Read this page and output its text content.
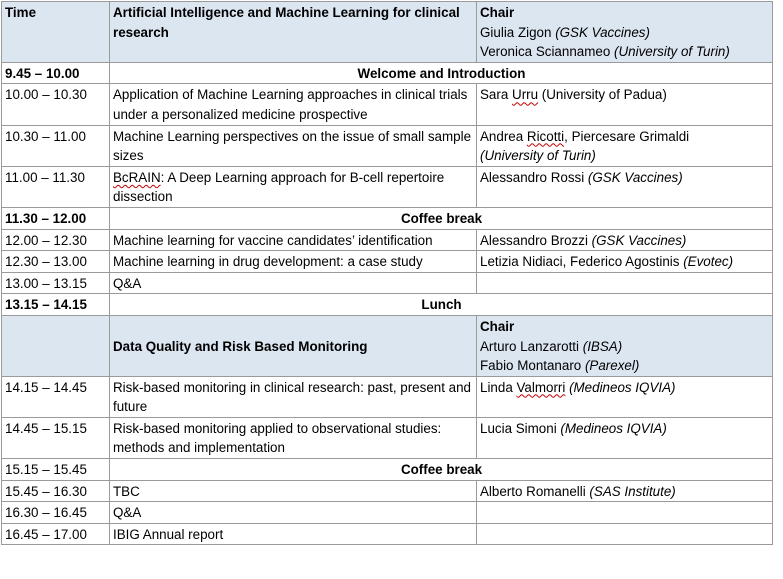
Time	Artificial Intelligence and Machine Learning for clinical research	Chair
Giulia Zigon (GSK Vaccines)
Veronica Sciannameo (University of Turin)

9.45 – 10.00	Welcome and Introduction	
10.00 – 10.30	Application of Machine Learning approaches in clinical trials under a personalized medicine prospective	Sara Urru (University of Padua)
10.30 – 11.00	Machine Learning perspectives on the issue of small sample sizes	Andrea Ricotti, Piercesare Grimaldi
(University of Turin)
11.00 – 11.30	BcRAIN: A Deep Learning approach for B-cell repertoire dissection	Alessandro Rossi (GSK Vaccines)
11.30 – 12.00	Coffee break	
12.00 – 12.30	Machine learning for vaccine candidates’ identification	Alessandro Brozzi (GSK Vaccines)
12.30 – 13.00	Machine learning in drug development: a case study	Letizia Nidiaci, Federico Agostinis (Evotec)
13.00 – 13.15	Q&A	
13.15 – 14.15	Lunch	
	Data Quality and Risk Based Monitoring	Chair
Arturo Lanzarotti (IBSA)
Fabio Montanaro (Parexel)

14.15 – 14.45	Risk-based monitoring in clinical research: past, present and future	Linda Valmorri (Medineos IQVIA)
14.45 – 15.15	Risk-based monitoring applied to observational studies: methods and implementation	Lucia Simoni (Medineos IQVIA)
15.15 – 15.45	Coffee break	
15.45 – 16.30	TBC	Alberto Romanelli (SAS Institute)
16.30 – 16.45	Q&A	
16.45 – 17.00	IBIG Annual report	
